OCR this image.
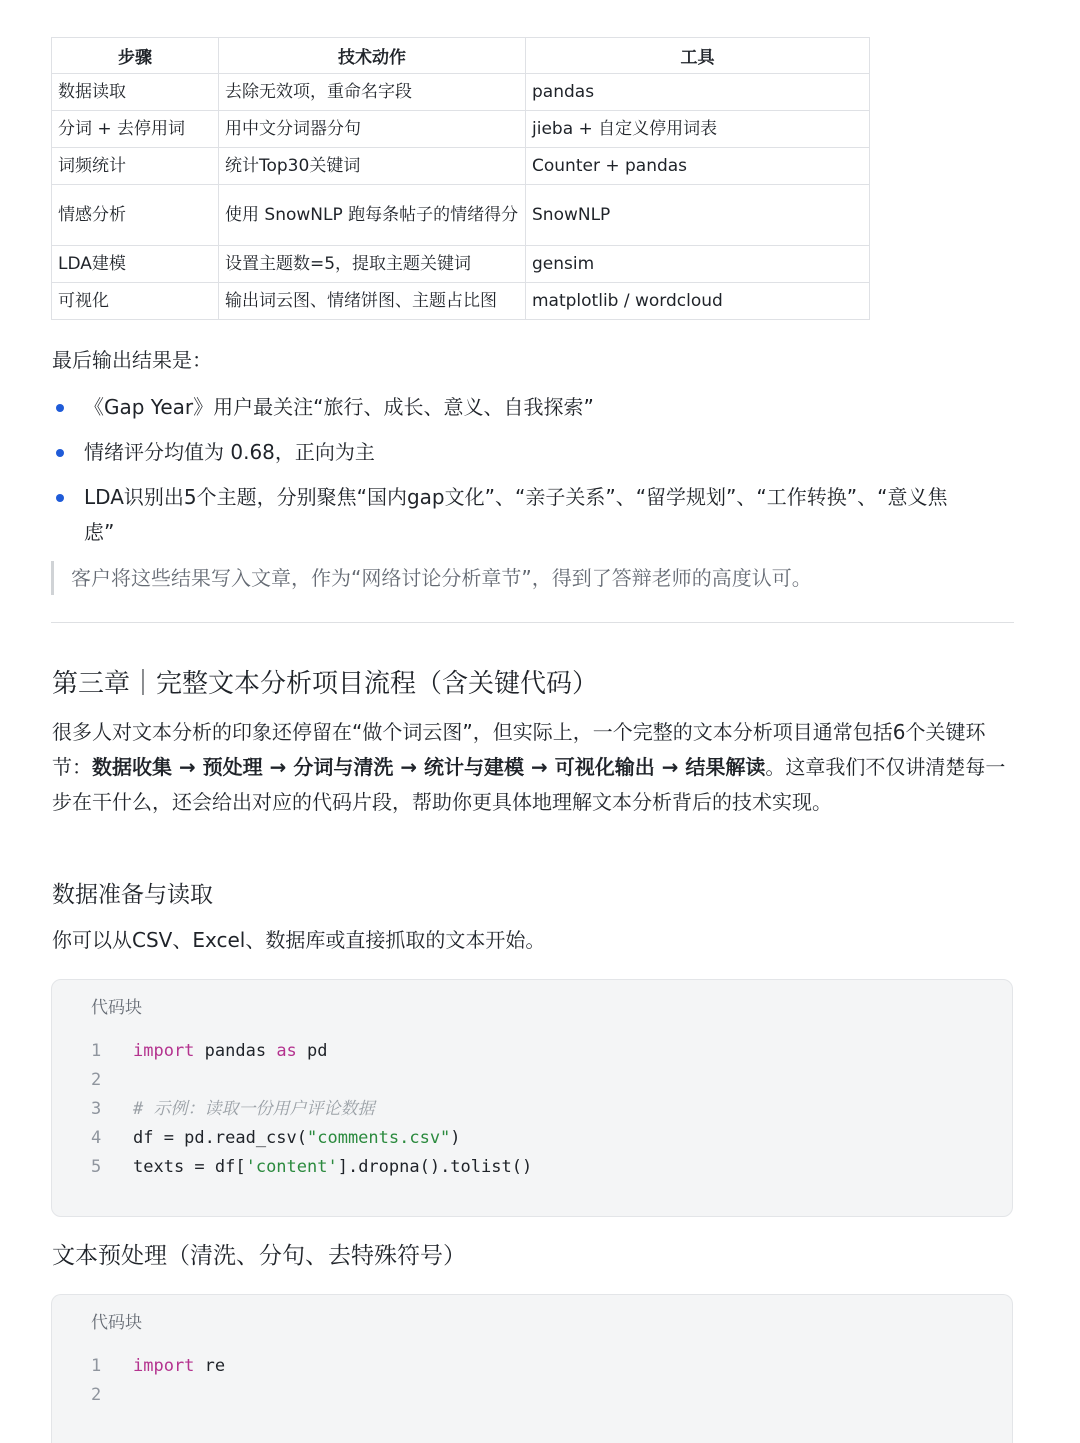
步骤	技术动作	工具
数据读取	去除无效项，重命名字段	pandas
分词 + 去停用词	用中文分词器分句	jieba + 自定义停用词表
词频统计	统计Top30关键词	Counter + pandas
情感分析	使用 SnowNLP 跑每条帖子的情绪得分	SnowNLP
LDA建模	设置主题数=5，提取主题关键词	gensim
可视化	输出词云图、情绪饼图、主题占比图	matplotlib / wordcloud

最后输出结果是：

《Gap Year》用户最关注“旅行、成长、意义、自我探索”
情绪评分均值为 0.68，正向为主
LDA识别出5个主题，分别聚焦“国内gap文化”、“亲子关系”、“留学规划”、“工作转换”、“意义焦虑”
客户将这些结果写入文章，作为“网络讨论分析章节”，得到了答辩老师的高度认可。
第三章｜完整文本分析项目流程（含关键代码）

很多人对文本分析的印象还停留在“做个词云图”，但实际上，一个完整的文本分析项目通常包括6个关键环节：数据收集 → 预处理 → 分词与清洗 → 统计与建模 → 可视化输出 → 结果解读。这章我们不仅讲清楚每一步在干什么，还会给出对应的代码片段，帮助你更具体地理解文本分析背后的技术实现。

数据准备与读取

你可以从CSV、Excel、数据库或直接抓取的文本开始。

代码块
1 import pandas as pd
2
3 # 示例：读取一份用户评论数据
4 df = pd.read_csv("comments.csv")
5 texts = df['content'].dropna().tolist()
文本预处理（清洗、分句、去特殊符号）
代码块
1 import re
2
